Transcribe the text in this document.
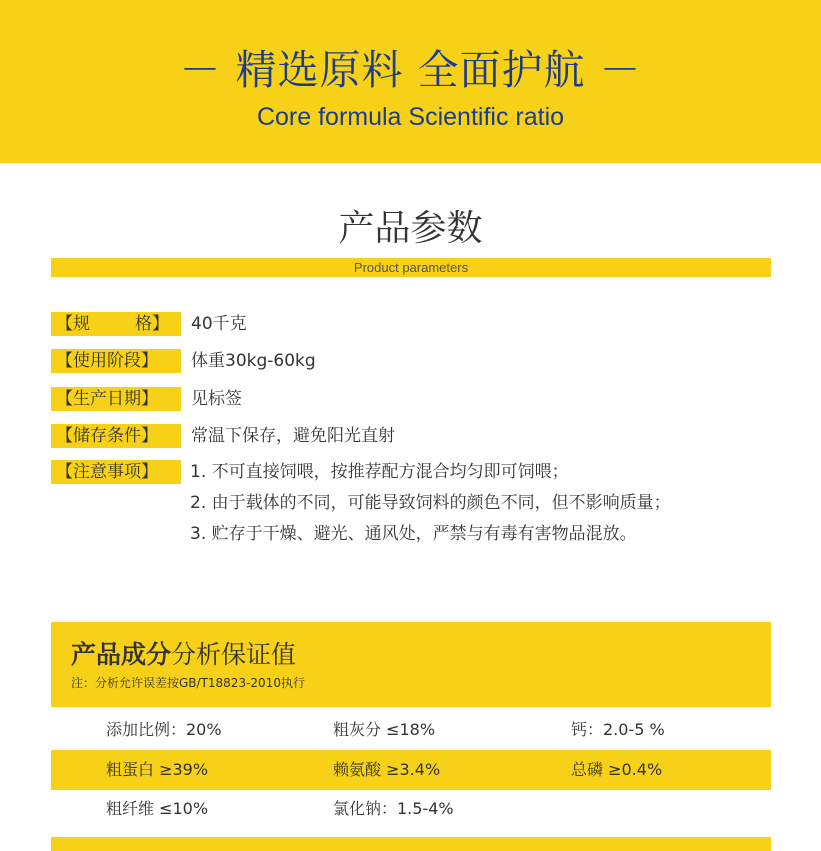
－ 精选原料 全面护航 －
Core formula Scientific ratio
产品参数
Product parameters
【规	格】 40千克
【使用阶段】 体重30kg-60kg
【生产日期】 见标签
【储存条件】 常温下保存，避免阳光直射
【注意事项】 1. 不可直接饲喂，按推荐配方混合均匀即可饲喂；
2. 由于载体的不同，可能导致饲料的颜色不同，但不影响质量；
3. 贮存于干燥、避光、通风处，严禁与有毒有害物品混放。
产品成分分析保证值
注：分析允许误差按GB/T18823-2010执行
添加比例：20%	粗灰分 ≤18%	钙：2.0-5 %
粗蛋白 ≥39%	赖氨酸 ≥3.4%	总磷 ≥0.4%
粗纤维 ≤10%	氯化钠：1.5-4%
